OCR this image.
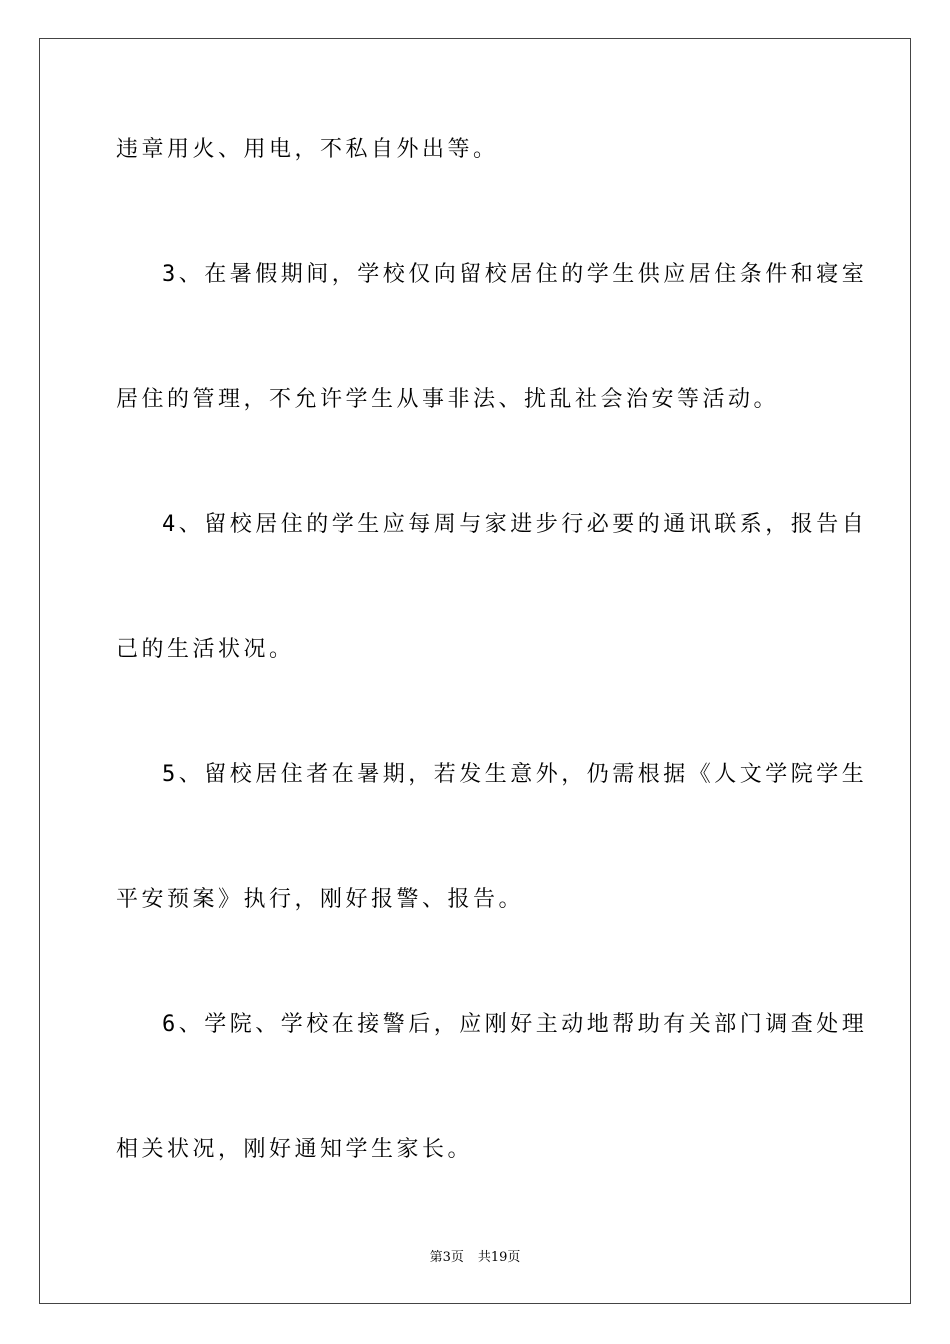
违章用火、用电，不私自外出等。
3、在暑假期间，学校仅向留校居住的学生供应居住条件和寝室
居住的管理，不允许学生从事非法、扰乱社会治安等活动。
4、留校居住的学生应每周与家进步行必要的通讯联系，报告自
己的生活状况。
5、留校居住者在暑期，若发生意外，仍需根据《人文学院学生
平安预案》执行，刚好报警、报告。
6、学院、学校在接警后，应刚好主动地帮助有关部门调查处理
相关状况，刚好通知学生家长。
第3页 共19页
